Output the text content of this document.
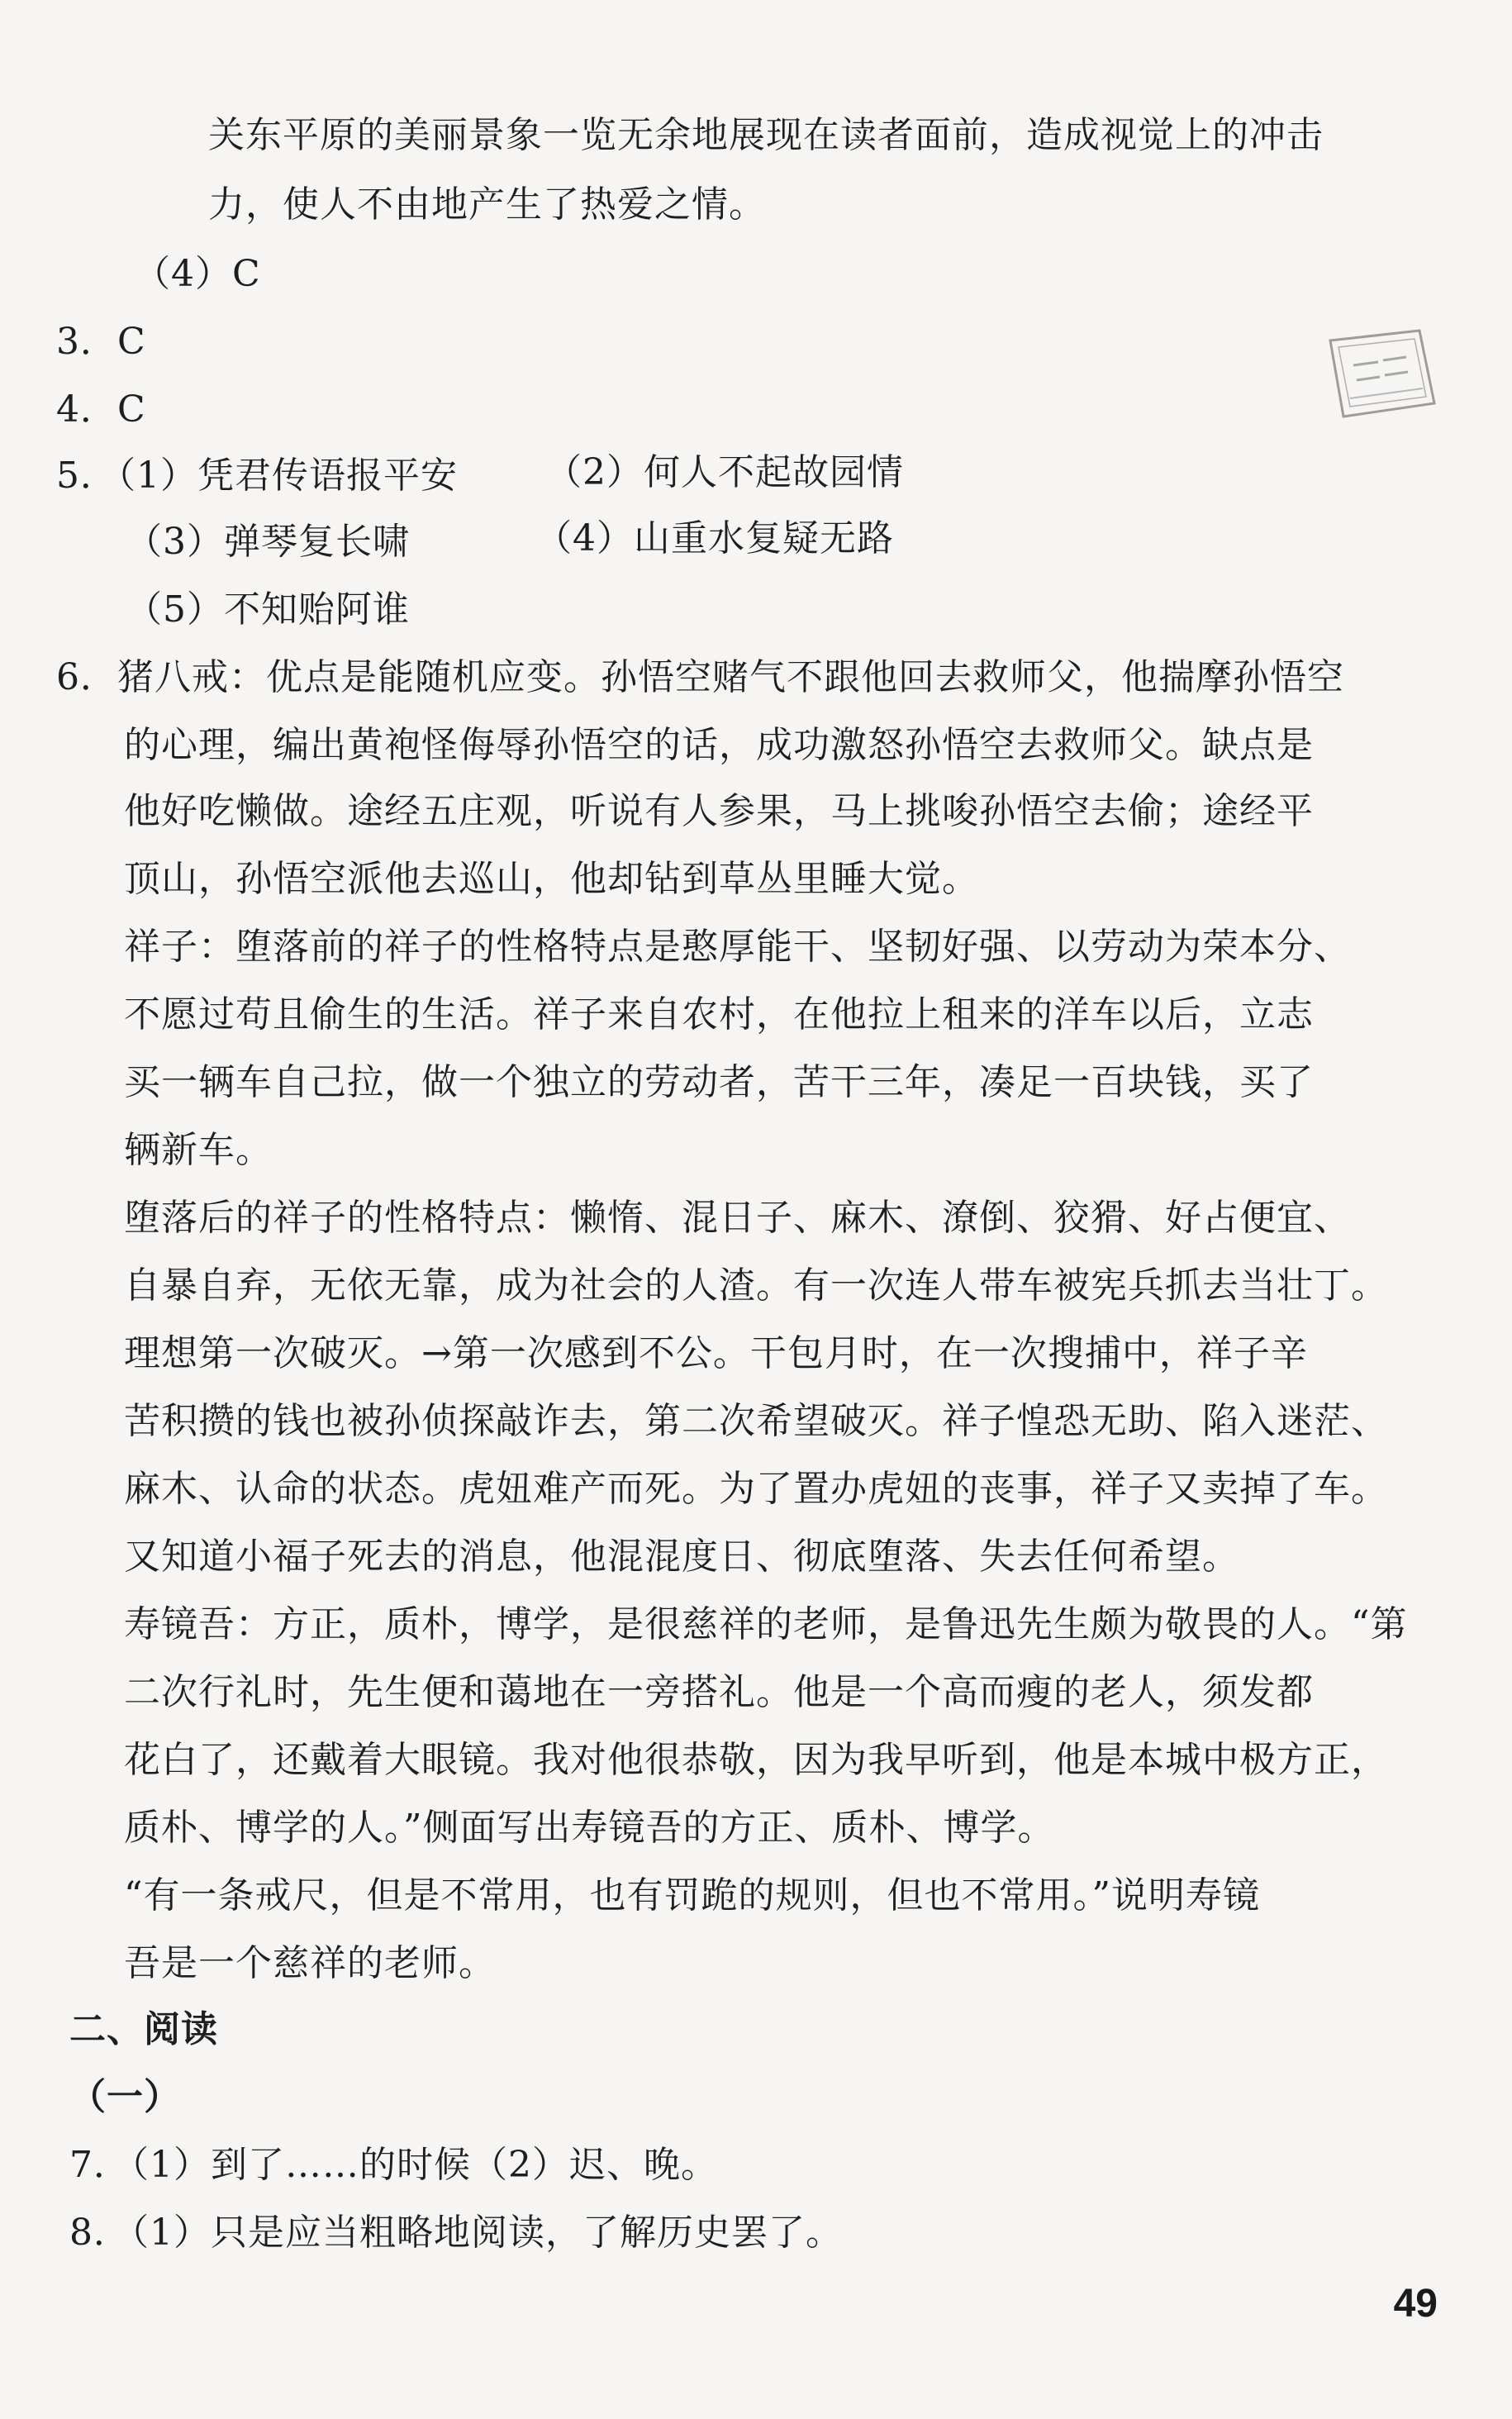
关东平原的美丽景象一览无余地展现在读者面前，造成视觉上的冲击
力，使人不由地产生了热爱之情。
（4）C
3．C
4．C
5．（1）凭君传语报平安 （2）何人不起故园情
（3）弹琴复长啸	（4）山重水复疑无路
（5）不知贻阿谁
6．猪八戒：优点是能随机应变。孙悟空赌气不跟他回去救师父，他揣摩孙悟空
的心理，编出黄袍怪侮辱孙悟空的话，成功激怒孙悟空去救师父。缺点是
他好吃懒做。途经五庄观，听说有人参果，马上挑唆孙悟空去偷；途经平
顶山，孙悟空派他去巡山，他却钻到草丛里睡大觉。
祥子：堕落前的祥子的性格特点是憨厚能干、坚韧好强、以劳动为荣本分、
不愿过苟且偷生的生活。祥子来自农村，在他拉上租来的洋车以后，立志
买一辆车自己拉，做一个独立的劳动者，苦干三年，凑足一百块钱，买了
辆新车。
堕落后的祥子的性格特点：懒惰、混日子、麻木、潦倒、狡猾、好占便宜、
自暴自弃，无依无靠，成为社会的人渣。有一次连人带车被宪兵抓去当壮丁。
理想第一次破灭。→第一次感到不公。干包月时，在一次搜捕中，祥子辛
苦积攒的钱也被孙侦探敲诈去，第二次希望破灭。祥子惶恐无助、陷入迷茫、
麻木、认命的状态。虎妞难产而死。为了置办虎妞的丧事，祥子又卖掉了车。
又知道小福子死去的消息，他混混度日、彻底堕落、失去任何希望。
寿镜吾：方正，质朴，博学，是很慈祥的老师，是鲁迅先生颇为敬畏的人。“第
二次行礼时，先生便和蔼地在一旁搭礼。他是一个高而瘦的老人，须发都
花白了，还戴着大眼镜。我对他很恭敬，因为我早听到，他是本城中极方正，
质朴、博学的人。”侧面写出寿镜吾的方正、质朴、博学。
“有一条戒尺，但是不常用，也有罚跪的规则，但也不常用。”说明寿镜
吾是一个慈祥的老师。
二、阅读
（一）
7．（1）到了……的时候（2）迟、晚。
8．（1）只是应当粗略地阅读，了解历史罢了。
49
